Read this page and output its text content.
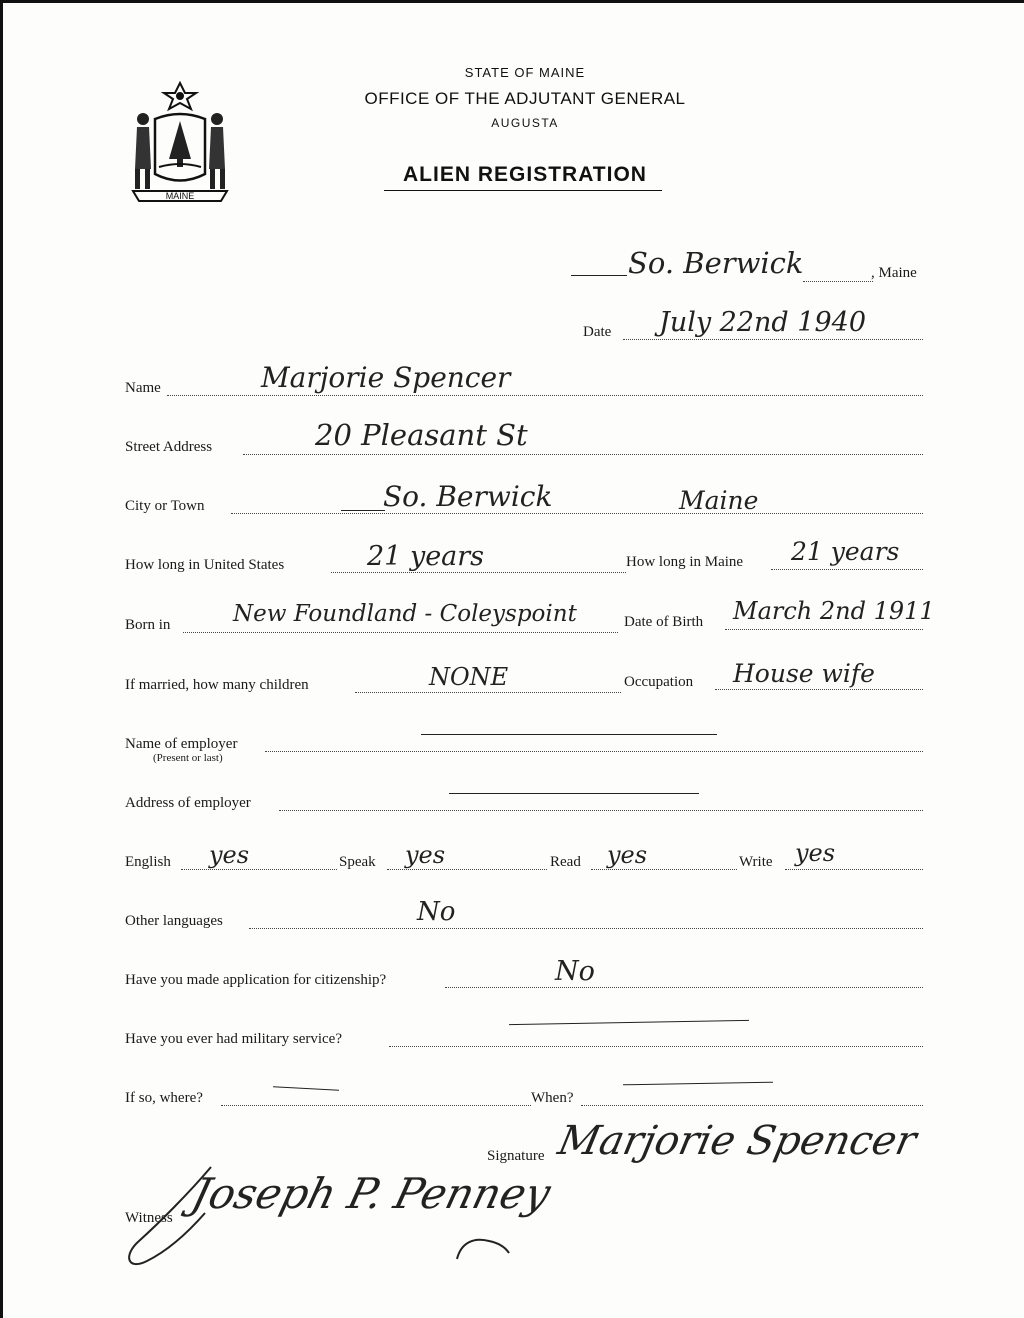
MAINE
STATE OF MAINE
OFFICE OF THE ADJUTANT GENERAL
AUGUSTA
ALIEN REGISTRATION
So. Berwick	, Maine
Date July 22nd 1940
Name	Marjorie Spencer
Street Address	20 Pleasant St
City or Town	So. Berwick	Maine
How long in United States	21 years	How long in Maine 21 years
Born in	New Foundland - Coleyspoint	Date of Birth March 2nd 1911
If married, how many children	NONE	Occupation House wife
Name of employer
(Present or last)
Address of employer
English yes	Speak yes	Read yes	Write yes
Other languages	No
Have you made application for citizenship?	No
Have you ever had military service?
If so, where?	When?
Signature Marjorie Spencer
Witness Joseph P. Penney
